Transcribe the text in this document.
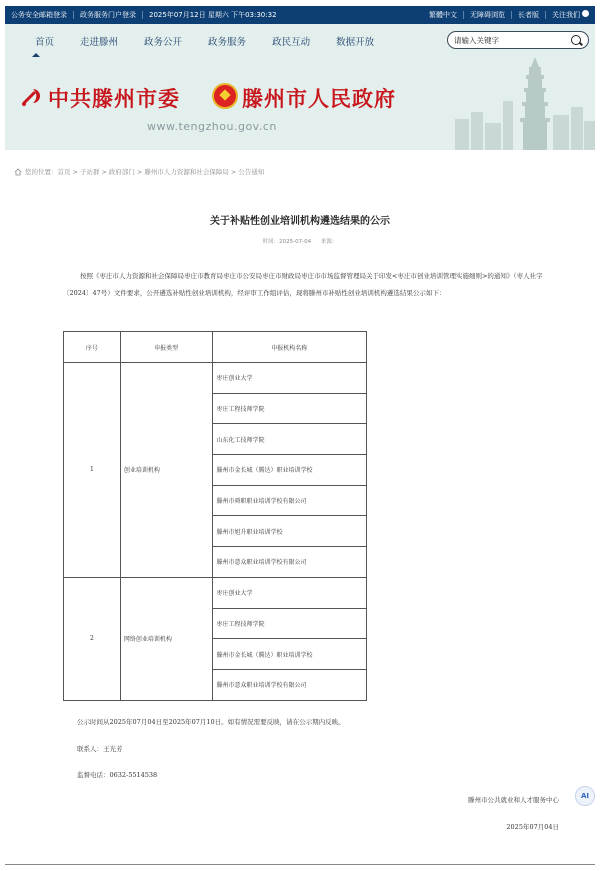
公务安全邮箱登录	政务服务门户登录	2025年07月12日 星期六 下午03:30:32	繁體中文	无障碍浏览	长者版	关注我们
首页	走进滕州	政务公开	政务服务	政民互动	数据开放
请输入关键字
中共滕州市委	滕州市人民政府
www.tengzhou.gov.cn
您的位置： 首页 > 子站群 > 政府部门 > 滕州市人力资源和社会保障局 > 公告通知
关于补贴性创业培训机构遴选结果的公示
时间：2025-07-04 来源：
按照《枣庄市人力资源和社会保障局枣庄市教育局枣庄市公安局枣庄市财政局枣庄市市场监督管理局关于印发<枣庄市创业培训管理实施细则>的通知》（枣人社字〔2024〕47号）文件要求，公开遴选补贴性创业培训机构，经评审工作组评估，现将滕州市补贴性创业培训机构遴选结果公示如下：
序号	申报类型	申报机构名称
1	创业培训机构	枣庄创业大学
		枣庄工程技师学院
		山东化工技师学院
		滕州市金长城（腾达）职业培训学校
		滕州市舜职职业培训学校有限公司
		滕州市旭升职业培训学校
		滕州市意众职业培训学校有限公司
2	网络创业培训机构	枣庄创业大学
		枣庄工程技师学院
		滕州市金长城（腾达）职业培训学校
		滕州市意众职业培训学校有限公司
公示时间从2025年07月04日至2025年07月10日。如有情况需要反映，请在公示期内反映。
联系人：王光芳
监督电话：0632-5514538
滕州市公共就业和人才服务中心
2025年07月04日
AI
